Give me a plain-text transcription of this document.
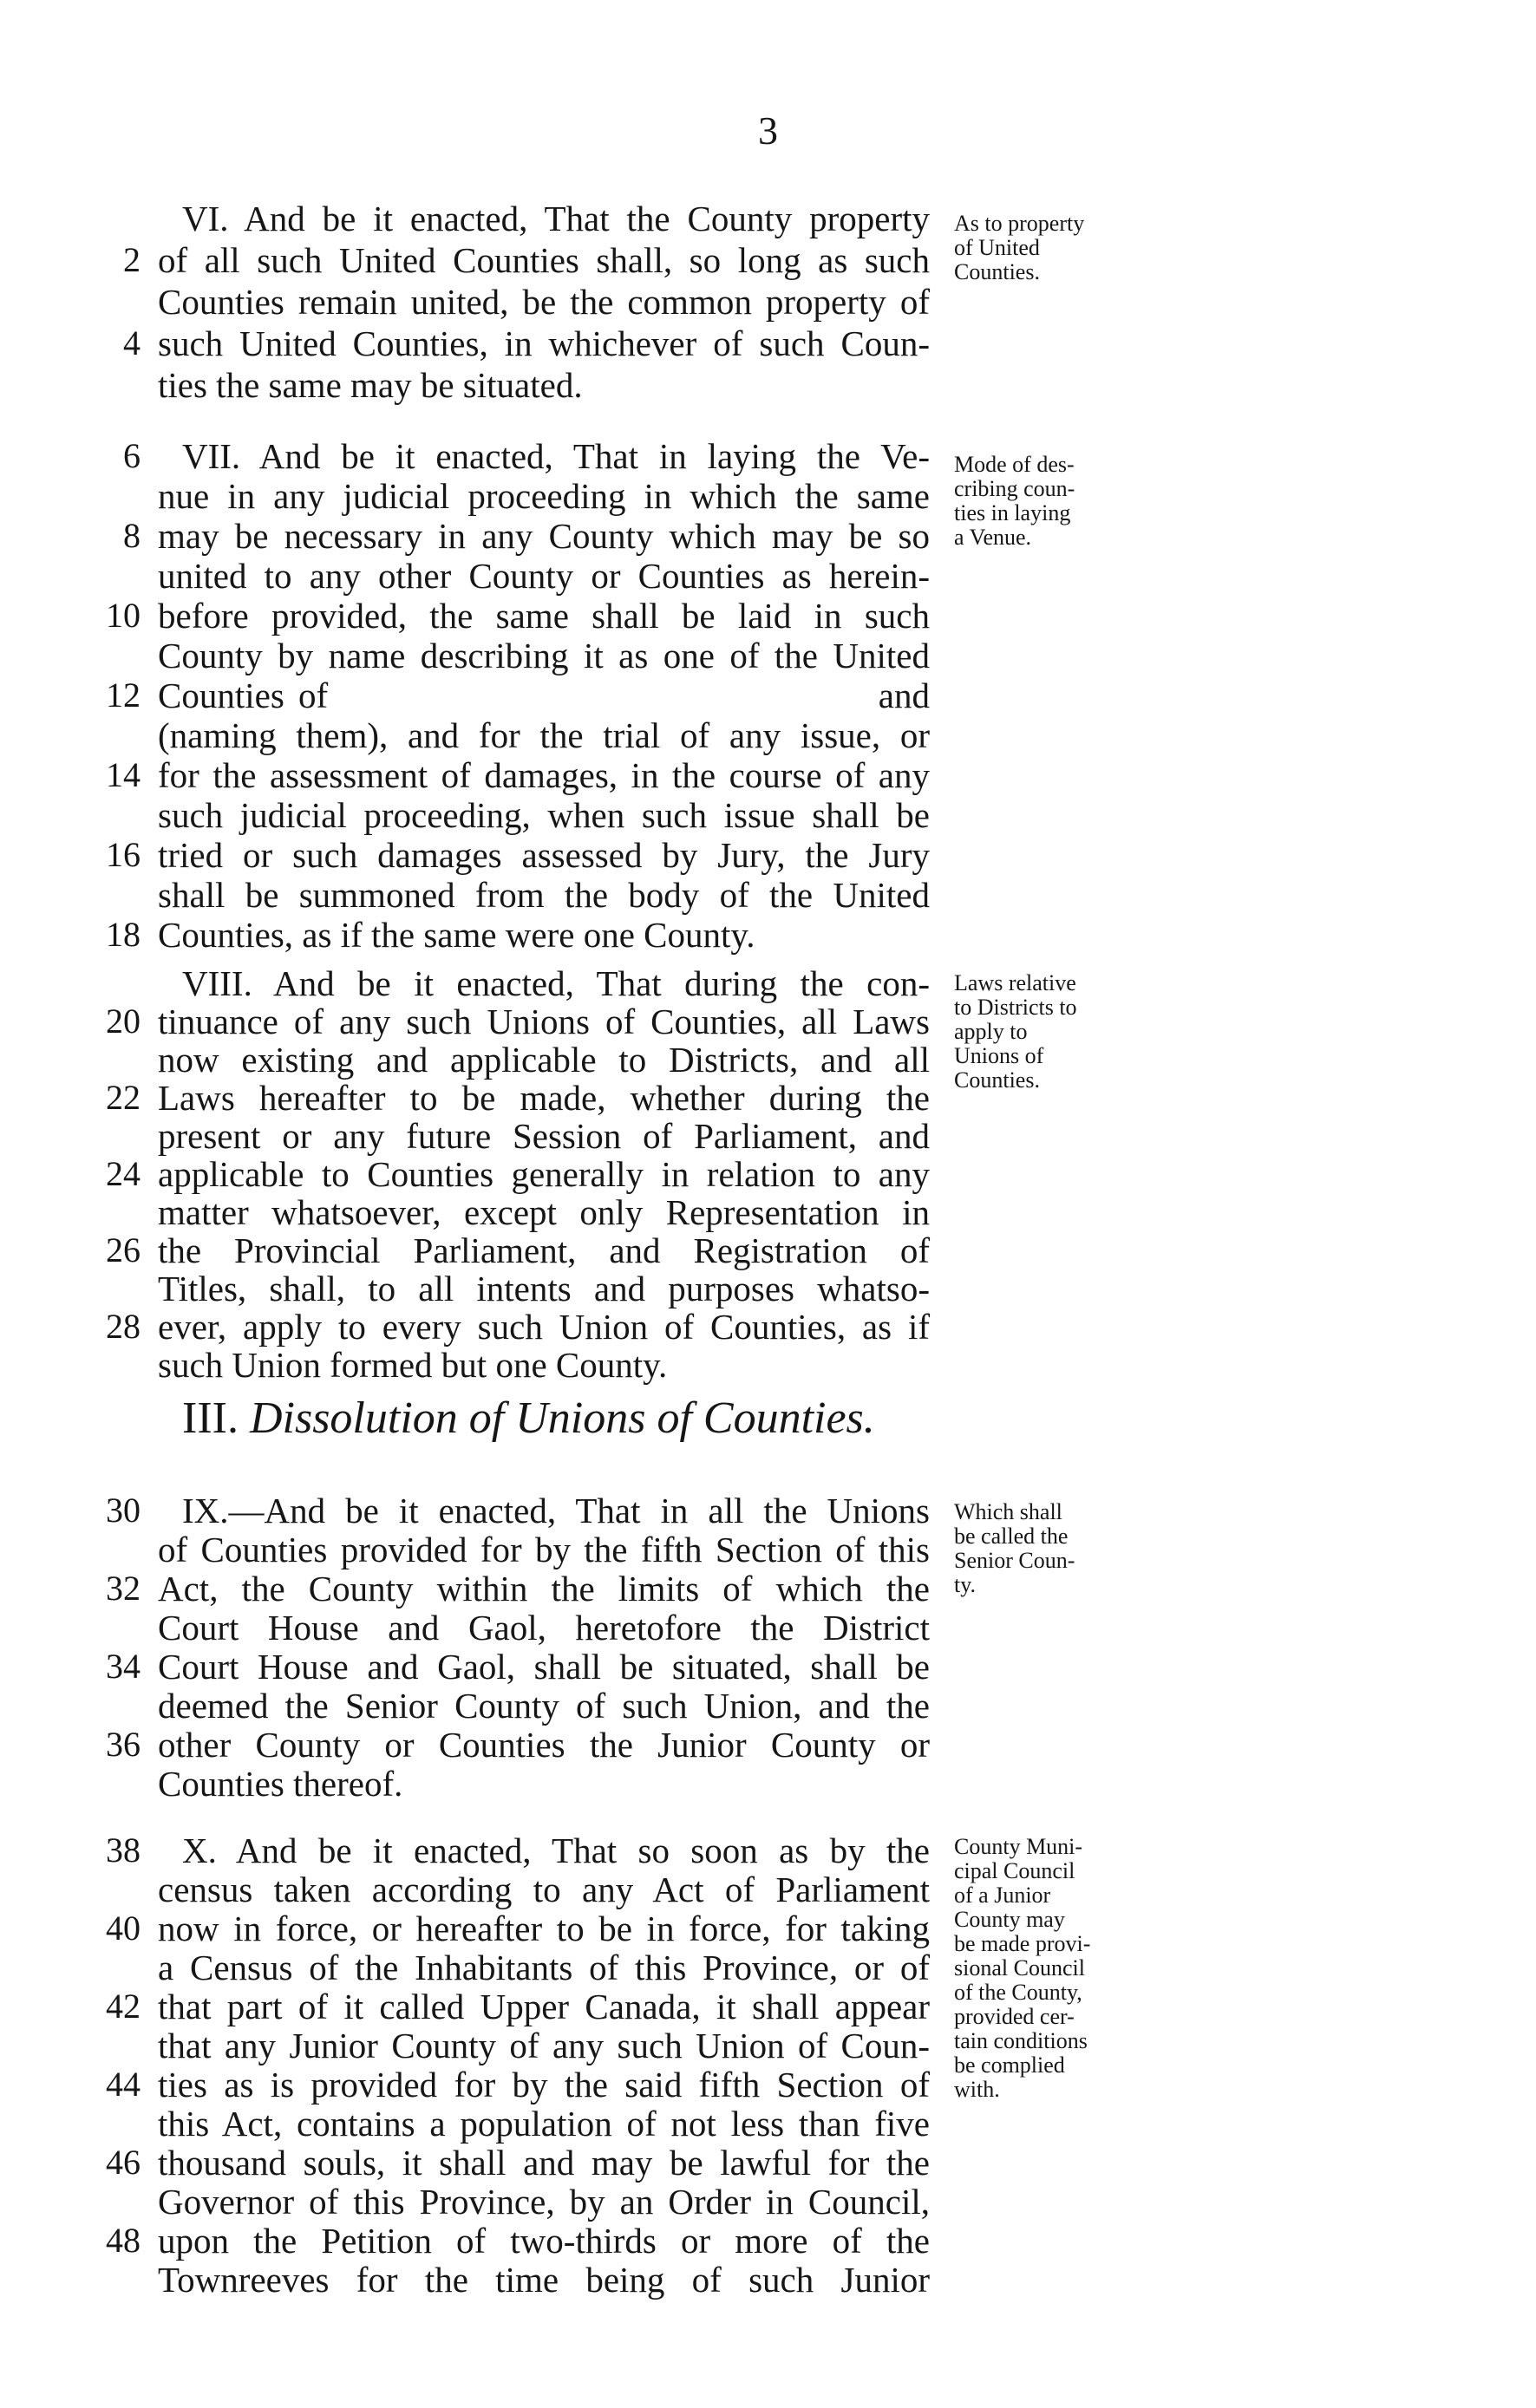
3
VI. And be it enacted, That the County property
2 of all such United Counties shall, so long as such
Counties remain united, be the common property of
4 such United Counties, in whichever of such Coun-
ties the same may be situated.
As to property
of United
Counties.
6 VII. And be it enacted, That in laying the Ve-
nue in any judicial proceeding in which the same
8 may be necessary in any County which may be so
united to any other County or Counties as herein-
10 before provided, the same shall be laid in such
County by name describing it as one of the United
12 Counties of                                       and
(naming them), and for the trial of any issue, or
14 for the assessment of damages, in the course of any
such judicial proceeding, when such issue shall be
16 tried or such damages assessed by Jury, the Jury
shall be summoned from the body of the United
18 Counties, as if the same were one County.
Mode of des-
cribing coun-
ties in laying
a Venue.
VIII. And be it enacted, That during the con-
20 tinuance of any such Unions of Counties, all Laws
now existing and applicable to Districts, and all
22 Laws hereafter to be made, whether during the
present or any future Session of Parliament, and
24 applicable to Counties generally in relation to any
matter whatsoever, except only Representation in
26 the Provincial Parliament, and Registration of
Titles, shall, to all intents and purposes whatso-
28 ever, apply to every such Union of Counties, as if
such Union formed but one County.
Laws relative
to Districts to
apply to
Unions of
Counties.
III. Dissolution of Unions of Counties.
30 IX.—And be it enacted, That in all the Unions
of Counties provided for by the fifth Section of this
32 Act, the County within the limits of which the
Court House and Gaol, heretofore the District
34 Court House and Gaol, shall be situated, shall be
deemed the Senior County of such Union, and the
36 other County or Counties the Junior County or
Counties thereof.
Which shall
be called the
Senior Coun-
ty.
38 X. And be it enacted, That so soon as by the
census taken according to any Act of Parliament
40 now in force, or hereafter to be in force, for taking
a Census of the Inhabitants of this Province, or of
42 that part of it called Upper Canada, it shall appear
that any Junior County of any such Union of Coun-
44 ties as is provided for by the said fifth Section of
this Act, contains a population of not less than five
46 thousand souls, it shall and may be lawful for the
Governor of this Province, by an Order in Council,
48 upon the Petition of two-thirds or more of the
Townreeves for the time being of such Junior
County Muni-
cipal Council
of a Junior
County may
be made provi-
sional Council
of the County,
provided cer-
tain conditions
be complied
with.
